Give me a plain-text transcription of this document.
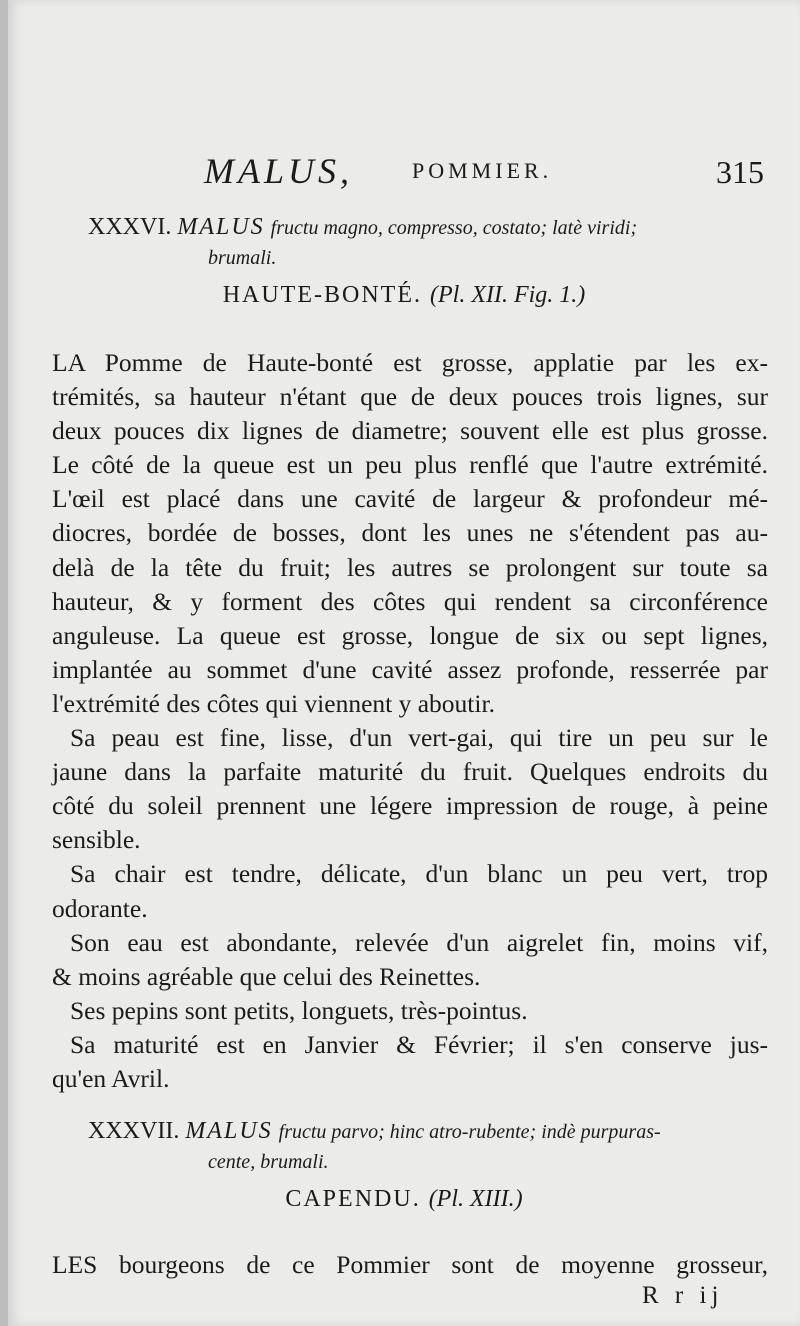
MALUS,	POMMIER.	315
XXXVI. MALUS fructu magno, compresso, costato; latè viridi;
brumali.
HAUTE-BONTÉ. (Pl. XII. Fig. 1.)
LA Pomme de Haute-bonté est grosse, applatie par les ex-
trémités, sa hauteur n'étant que de deux pouces trois lignes, sur
deux pouces dix lignes de diametre; souvent elle est plus grosse.
Le côté de la queue est un peu plus renflé que l'autre extrémité.
L'œil est placé dans une cavité de largeur & profondeur mé-
diocres, bordée de bosses, dont les unes ne s'étendent pas au-
delà de la tête du fruit; les autres se prolongent sur toute sa
hauteur, & y forment des côtes qui rendent sa circonférence
anguleuse. La queue est grosse, longue de six ou sept lignes,
implantée au sommet d'une cavité assez profonde, resserrée par
l'extrémité des côtes qui viennent y aboutir.
Sa peau est fine, lisse, d'un vert-gai, qui tire un peu sur le
jaune dans la parfaite maturité du fruit. Quelques endroits du
côté du soleil prennent une légere impression de rouge, à peine
sensible.
Sa chair est tendre, délicate, d'un blanc un peu vert, trop
odorante.
Son eau est abondante, relevée d'un aigrelet fin, moins vif,
& moins agréable que celui des Reinettes.
Ses pepins sont petits, longuets, très-pointus.
Sa maturité est en Janvier & Février; il s'en conserve jus-
qu'en Avril.
XXXVII. MALUS fructu parvo; hinc atro-rubente; indè purpuras-
cente, brumali.
CAPENDU. (Pl. XIII.)
LES bourgeons de ce Pommier sont de moyenne grosseur,
R r ij
